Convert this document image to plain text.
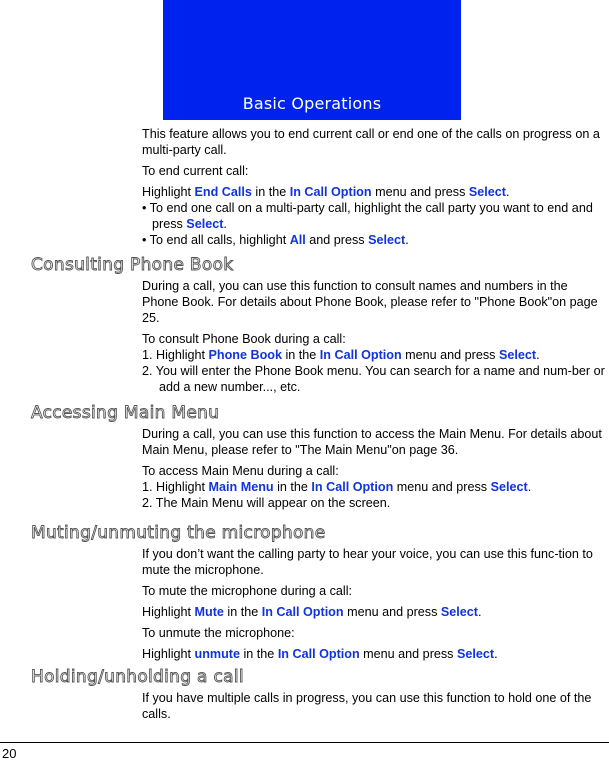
Basic Operations

This feature allows you to end current call or end one of the calls on progress on a multi-party call.

To end current call:

Highlight End Calls in the In Call Option menu and press Select.

• To end one call on a multi-party call, highlight the call party you want to end and press Select.

• To end all calls, highlight All and press Select.

Consulting Phone Book

During a call, you can use this function to consult names and numbers in the Phone Book. For details about Phone Book, please refer to "Phone Book"on page 25.

To consult Phone Book during a call:

1. Highlight Phone Book in the In Call Option menu and press Select.

2. You will enter the Phone Book menu. You can search for a name and num-ber or add a new number..., etc.

Accessing Main Menu

During a call, you can use this function to access the Main Menu. For details about Main Menu, please refer to "The Main Menu"on page 36.

To access Main Menu during a call:

1. Highlight Main Menu in the In Call Option menu and press Select.

2. The Main Menu will appear on the screen.

Muting/unmuting the microphone

If you don’t want the calling party to hear your voice, you can use this func-tion to mute the microphone.

To mute the microphone during a call:

Highlight Mute in the In Call Option menu and press Select.

To unmute the microphone:

Highlight unmute in the In Call Option menu and press Select.

Holding/unholding a call

If you have multiple calls in progress, you can use this function to hold one of the calls.

20
